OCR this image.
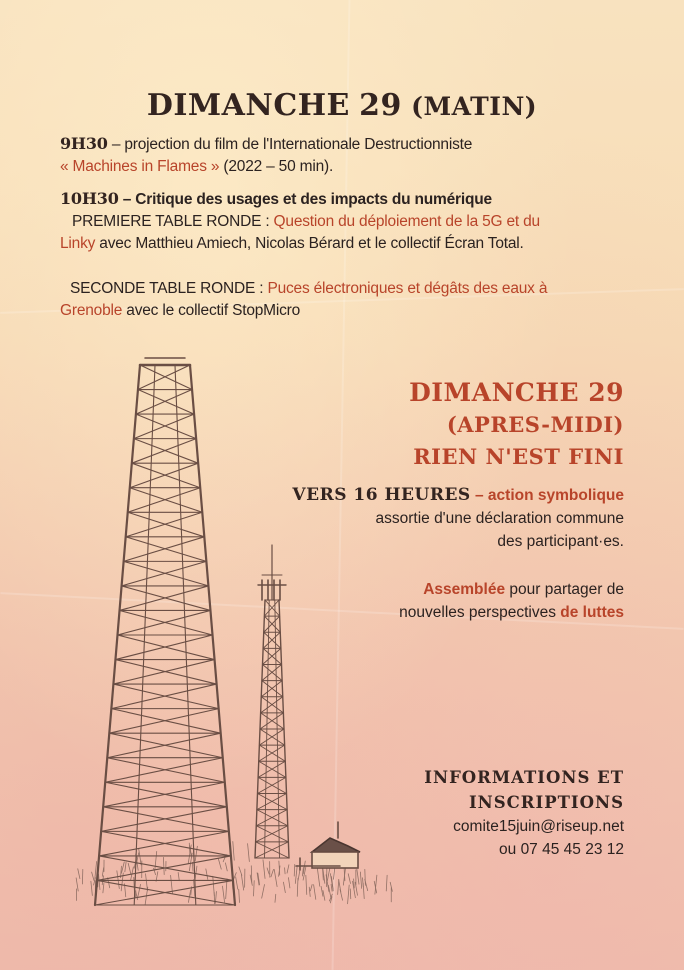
DIMANCHE 29 (MATIN)
9H30 – projection du film de l'Internationale Destructionniste
« Machines in Flames » (2022 – 50 min).
10H30 – Critique des usages et des impacts du numérique
PREMIERE TABLE RONDE : Question du déploiement de la 5G et du
Linky avec Matthieu Amiech, Nicolas Bérard et le collectif Écran Total.
SECONDE TABLE RONDE : Puces électroniques et dégâts des eaux à
Grenoble avec le collectif StopMicro
DIMANCHE 29
(APRES-MIDI)
RIEN N'EST FINI
VERS 16 HEURES – action symbolique
assortie d'une déclaration commune
des participant·es.
Assemblée pour partager de
nouvelles perspectives de luttes
INFORMATIONS ET
INSCRIPTIONS
comite15juin@riseup.net
ou 07 45 45 23 12
